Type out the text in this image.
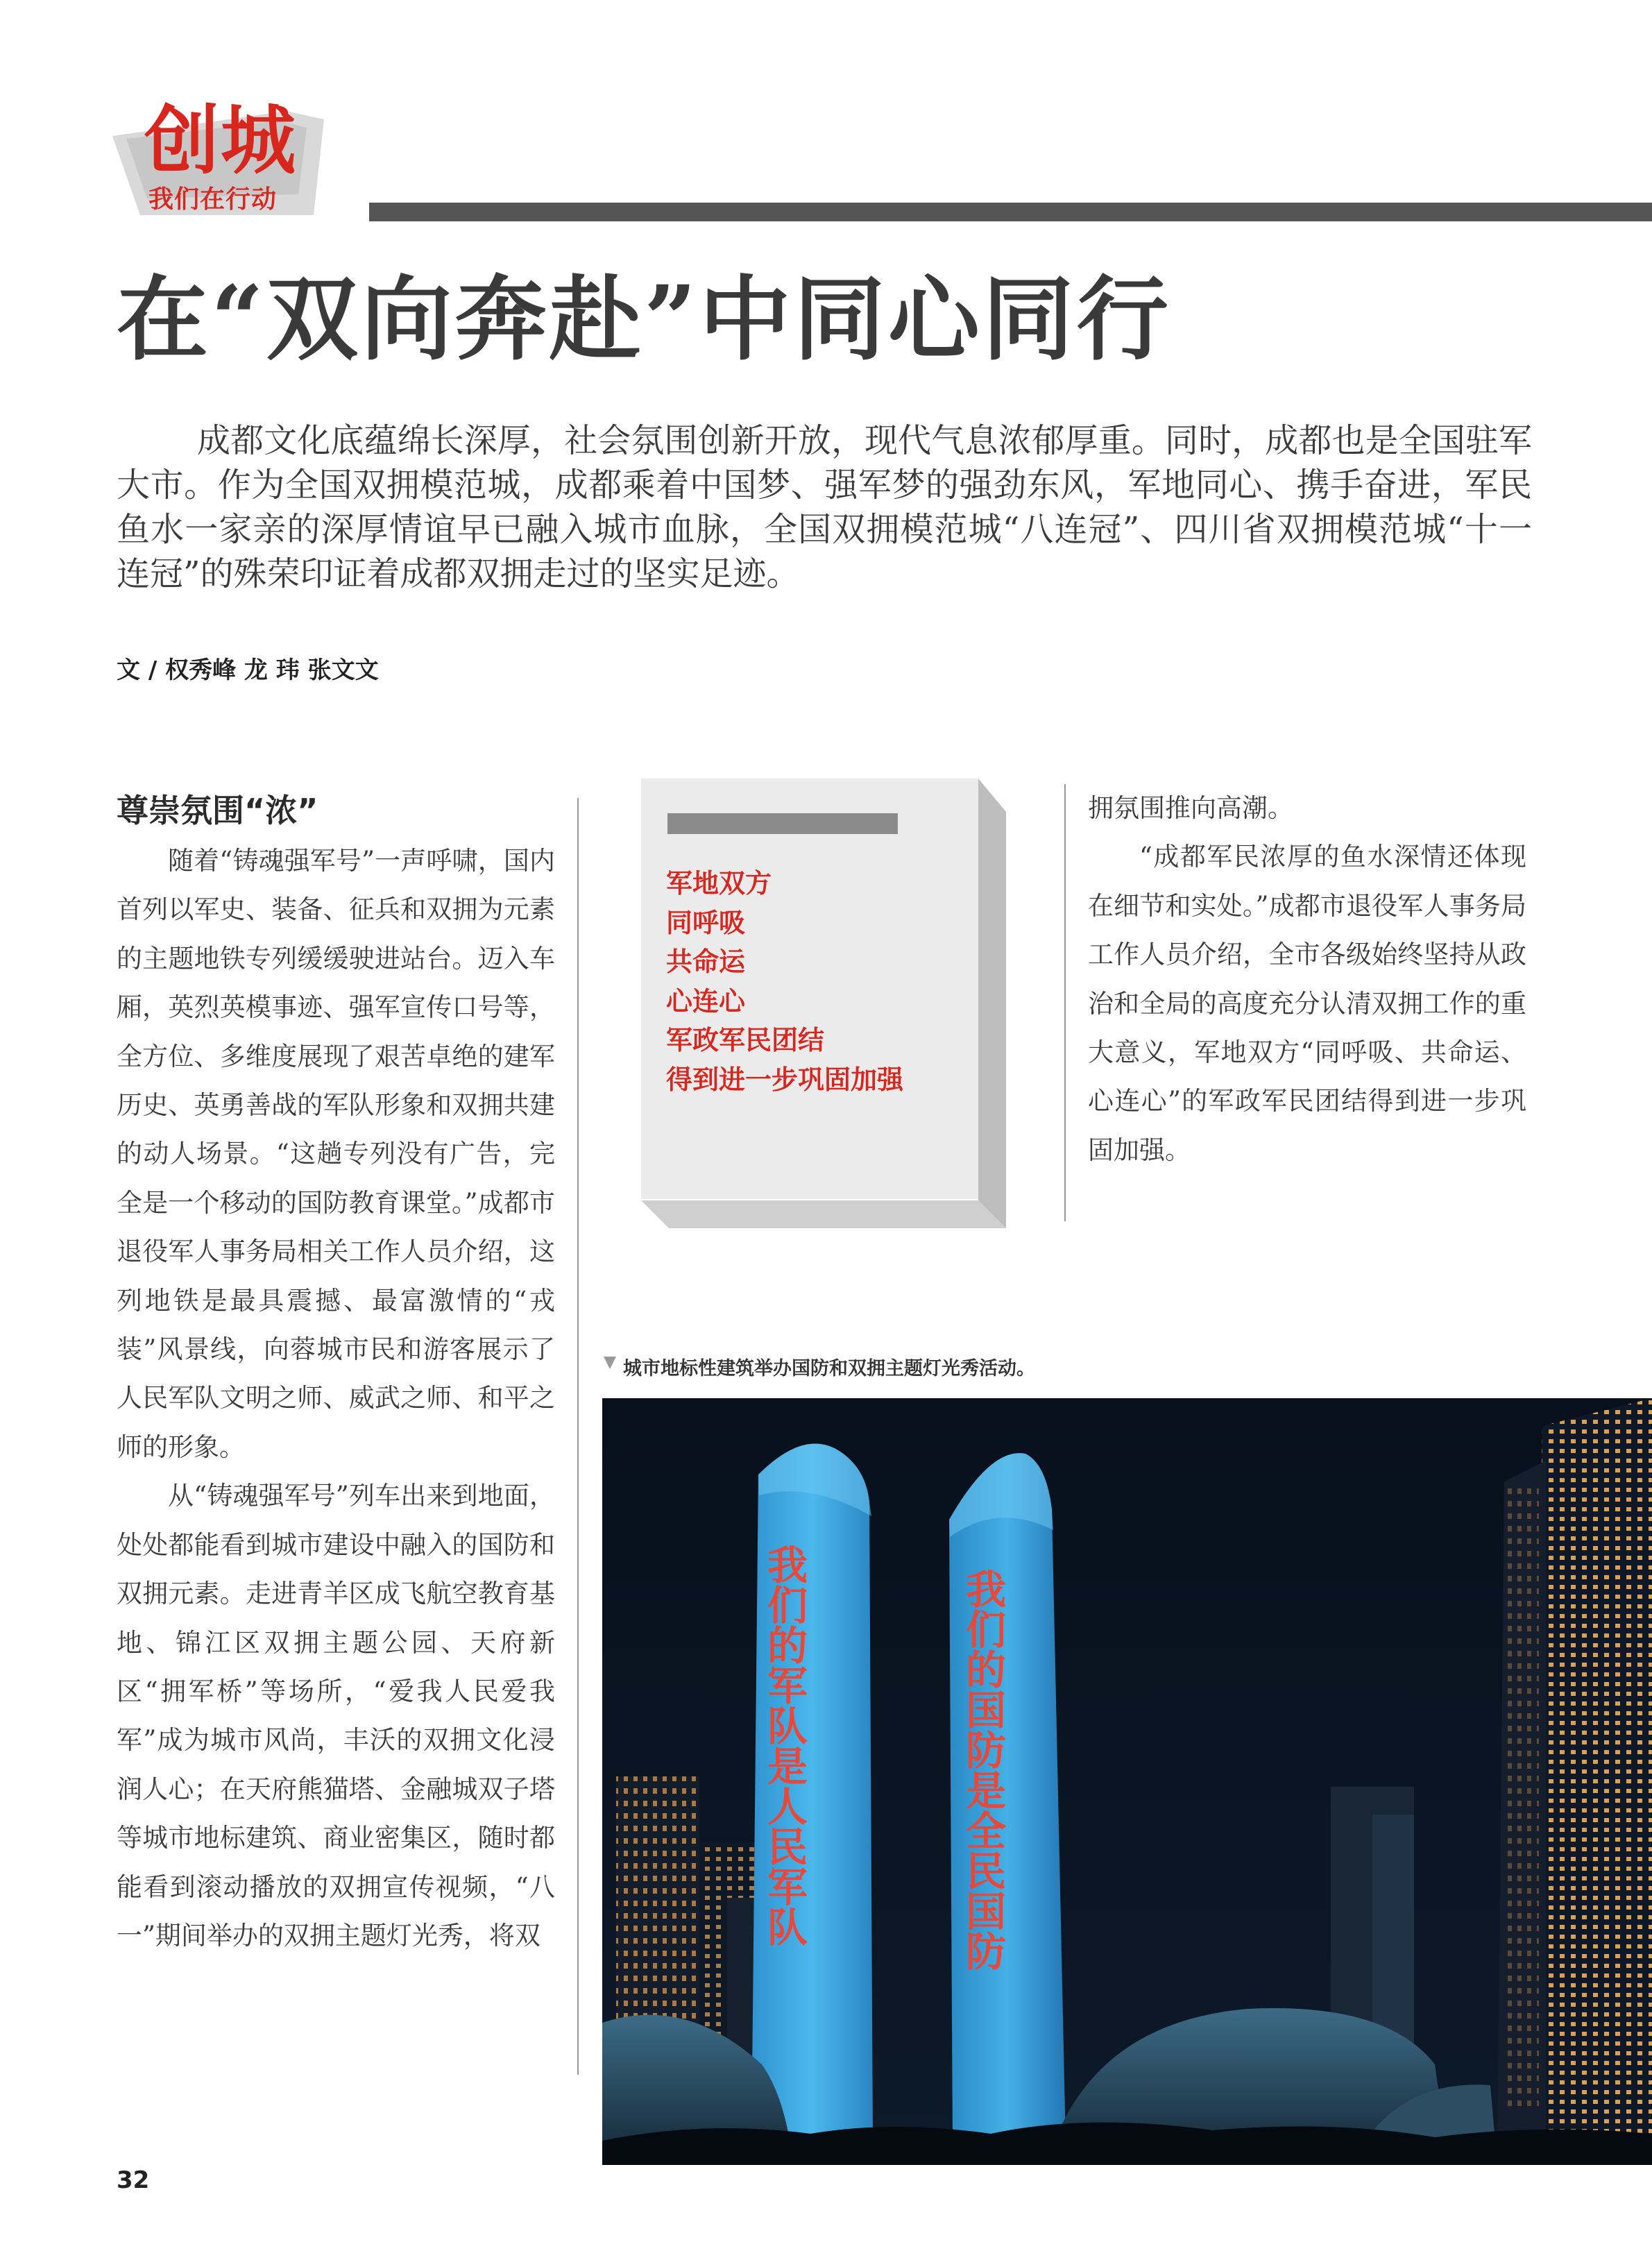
创城
我们在行动
在“双向奔赴”中同心同行

成都文化底蕴绵长深厚，社会氛围创新开放，现代气息浓郁厚重。同时，成都也是全国驻军大市。作为全国双拥模范城，成都乘着中国梦、强军梦的强劲东风，军地同心、携手奋进，军民鱼水一家亲的深厚情谊早已融入城市血脉，全国双拥模范城“八连冠”、四川省双拥模范城“十一连冠”的殊荣印证着成都双拥走过的坚实足迹。

文 / 权秀峰 龙 玮 张文文
尊崇氛围“浓”

随着“铸魂强军号”一声呼啸，国内首列以军史、装备、征兵和双拥为元素的主题地铁专列缓缓驶进站台。迈入车厢，英烈英模事迹、强军宣传口号等，全方位、多维度展现了艰苦卓绝的建军历史、英勇善战的军队形象和双拥共建的动人场景。“这趟专列没有广告，完全是一个移动的国防教育课堂。”成都市退役军人事务局相关工作人员介绍，这列地铁是最具震撼、最富激情的“戎装”风景线，向蓉城市民和游客展示了人民军队文明之师、威武之师、和平之师的形象。

从“铸魂强军号”列车出来到地面，处处都能看到城市建设中融入的国防和双拥元素。走进青羊区成飞航空教育基地、锦江区双拥主题公园、天府新区“拥军桥”等场所，“爱我人民爱我军”成为城市风尚，丰沃的双拥文化浸润人心；在天府熊猫塔、金融城双子塔等城市地标建筑、商业密集区，随时都能看到滚动播放的双拥宣传视频，“八一”期间举办的双拥主题灯光秀，将双

军地双方
同呼吸
共命运
心连心
军政军民团结
得到进一步巩固加强

拥氛围推向高潮。

“成都军民浓厚的鱼水深情还体现在细节和实处。”成都市退役军人事务局工作人员介绍，全市各级始终坚持从政治和全局的高度充分认清双拥工作的重大意义，军地双方“同呼吸、共命运、心连心”的军政军民团结得到进一步巩固加强。

城市地标性建筑举办国防和双拥主题灯光秀活动。
我们的军队是人民军队	我们的国防是全民国防
32
